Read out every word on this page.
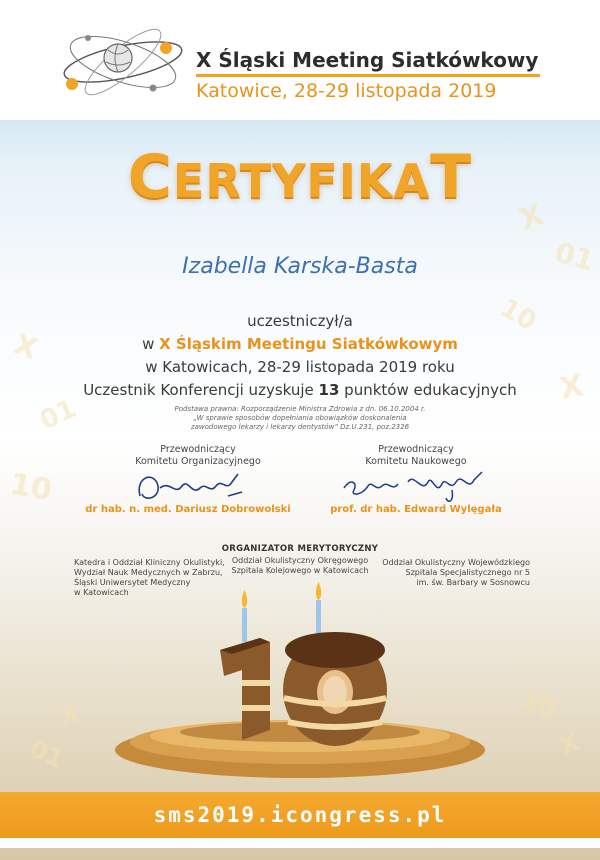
X
01
10
X
X
01
10
X
01
10
X
X Śląski Meeting Siatkówkowy
Katowice, 28-29 listopada 2019
CERTYFIKAT
Izabella Karska-Basta
uczestniczył/a
w X Śląskim Meetingu Siatkówkowym
w Katowicach, 28-29 listopada 2019 roku
Uczestnik Konferencji uzyskuje 13 punktów edukacyjnych
Podstawa prawna: Rozporządzenie Ministra Zdrowia z dn. 06.10.2004 r.
„W sprawie sposobów dopełniania obowiązków doskonalenia
zawodowego lekarzy i lekarzy dentystów” Dz.U.231, poz.2326
Przewodniczący
Komitetu Organizacyjnego
dr hab. n. med. Dariusz Dobrowolski
Przewodniczący
Komitetu Naukowego
prof. dr hab. Edward Wylęgała
ORGANIZATOR MERYTORYCZNY
Katedra i Oddział Kliniczny Okulistyki,
Wydział Nauk Medycznych w Zabrzu,
Śląski Uniwersytet Medyczny
w Katowicach
Oddział Okulistyczny Okręgowego
Szpitala Kolejowego w Katowicach
Oddział Okulistyczny Wojewódzkiego
Szpitala Specjalistycznego nr 5
im. św. Barbary w Sosnowcu
sms2019.icongress.pl
